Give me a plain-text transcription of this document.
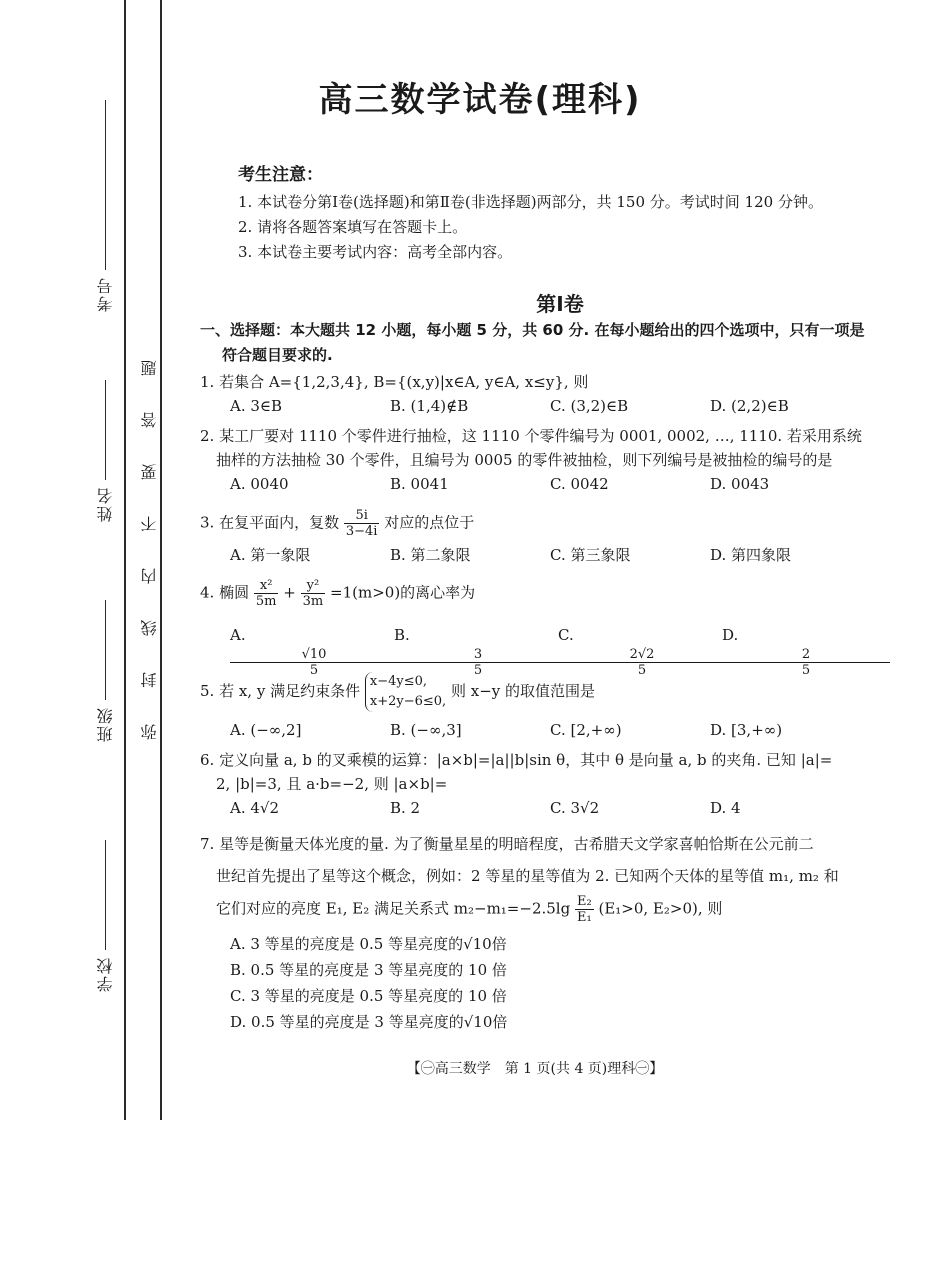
考号
姓名
班级
学校
题
答
要
不
内
线
封
弥
高三数学试卷(理科)
考生注意：
1. 本试卷分第Ⅰ卷(选择题)和第Ⅱ卷(非选择题)两部分，共 150 分。考试时间 120 分钟。
2. 请将各题答案填写在答题卡上。
3. 本试卷主要考试内容：高考全部内容。
第Ⅰ卷
一、选择题：本大题共 12 小题，每小题 5 分，共 60 分. 在每小题给出的四个选项中，只有一项是
符合题目要求的.
1. 若集合 A={1,2,3,4}, B={(x,y)|x∈A, y∈A, x≤y}, 则
A. 3∈B	B. (1,4)∉B	C. (3,2)∈B	D. (2,2)∈B
2. 某工厂要对 1110 个零件进行抽检，这 1110 个零件编号为 0001, 0002, …, 1110. 若采用系统
抽样的方法抽检 30 个零件，且编号为 0005 的零件被抽检，则下列编号是被抽检的编号的是
A. 0040	B. 0041	C. 0042	D. 0043
3. 在复平面内，复数 $\frac{5i}{3-4i}$ 对应的点位于
A. 第一象限	B. 第二象限	C. 第三象限	D. 第四象限
4. 椭圆 $\frac{\text{x²}}{5m} + \frac{\text{y²}}{3m} =1(m>0)$的离心率为
A.
$\frac{√10}{5}$
B.
$\frac{3}{5}$
C.
$\frac{2√2}{5}$
D.
$\frac{2}{5}$
5. 若 x, y 满足约束条件
x−4y≤0,
x+2y−6≤0,
则 x−y 的取值范围是
A. (−∞,2]	B. (−∞,3]	C. [2,+∞)	D. [3,+∞)
6. 定义向量 a, b 的叉乘模的运算：|a×b|=|a||b|sin θ，其中 θ 是向量 a, b 的夹角. 已知 |a|=
2, |b|=3, 且 a·b=−2, 则 |a×b|=
A. 4√2	B. 2	C. 3√2	D. 4
7. 星等是衡量天体光度的量. 为了衡量星星的明暗程度，古希腊天文学家喜帕恰斯在公元前二
世纪首先提出了星等这个概念，例如：2 等星的星等值为 2. 已知两个天体的星等值 m₁, m₂ 和
它们对应的亮度 E₁, E₂ 满足关系式 $m_2-m_1=-2.5\lg \frac{\text{E₂}}{\text{E₁}} (E_1>0$, E₂>0), 则
A. 3 等星的亮度是 0.5 等星亮度的√10倍
B. 0.5 等星的亮度是 3 等星亮度的 10 倍
C. 3 等星的亮度是 0.5 等星亮度的 10 倍
D. 0.5 等星的亮度是 3 等星亮度的√10倍
【㊀高三数学　第 1 页(共 4 页)理科㊀】
